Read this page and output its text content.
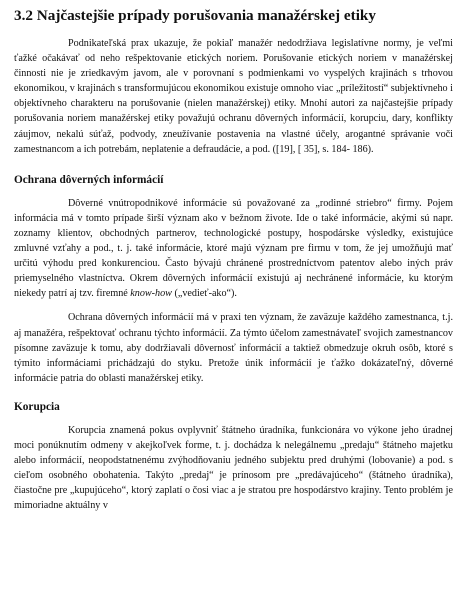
3.2 Najčastejšie prípady porušovania manažérskej etiky

Podnikateľská prax ukazuje, že pokiaľ manažér nedodržiava legislatívne normy, je veľmi ťažké očakávať od neho rešpektovanie etických noriem. Porušovanie etických noriem v manažérskej činnosti nie je zriedkavým javom, ale v porovnaní s podmienkami vo vyspelých krajinách s trhovou ekonomikou, v krajinách s transformujúcou ekonomikou existuje omnoho viac „príležitostí“ subjektívneho i objektívneho charakteru na porušovanie (nielen manažérskej) etiky. Mnohí autori za najčastejšie prípady porušovania noriem manažérskej etiky považujú ochranu dôverných informácií, korupciu, dary, konflikty záujmov, nekalú súťaž, podvody, zneužívanie postavenia na vlastné účely, arogantné správanie voči zamestnancom a ich potrebám, neplatenie a defraudácie, a pod. ([19], [ 35], s. 184- 186).

Ochrana dôverných informácií

Dôverné vnútropodnikové informácie sú považované za „rodinné striebro“ firmy. Pojem informácia má v tomto prípade širší význam ako v bežnom živote. Ide o také informácie, akými sú napr. zoznamy klientov, obchodných partnerov, technologické postupy, hospodárske výsledky, existujúce zmluvné vzťahy a pod., t. j. také informácie, ktoré majú význam pre firmu v tom, že jej umožňujú mať určitú výhodu pred konkurenciou. Často bývajú chránené prostredníctvom patentov alebo iných práv priemyselného vlastníctva. Okrem dôverných informácií existujú aj nechránené informácie, ku ktorým niekedy patrí aj tzv. firemné know-how („vedieť-ako“).

Ochrana dôverných informácií má v praxi ten význam, že zaväzuje každého zamestnanca, t.j. aj manažéra, rešpektovať ochranu týchto informácií. Za týmto účelom zamestnávateľ svojich zamestnancov písomne zaväzuje k tomu, aby dodržiavali dôvernosť informácií a taktiež obmedzuje okruh osôb, ktoré s týmito informáciami prichádzajú do styku. Pretože únik informácií je ťažko dokázateľný, dôverné informácie patria do oblasti manažérskej etiky.

Korupcia

Korupcia znamená pokus ovplyvniť štátneho úradníka, funkcionára vo výkone jeho úradnej moci ponúknutím odmeny v akejkoľvek forme, t. j. dochádza k nelegálnemu „predaju“ štátneho majetku alebo informácií, neopodstatnenému zvýhodňovaniu jedného subjektu pred druhými (lobovanie) a pod. s cieľom osobného obohatenia. Takýto „predaj“ je prínosom pre „predávajúceho“ (štátneho úradníka), čiastočne pre „kupujúceho“, ktorý zaplatí o čosi viac a je stratou pre hospodárstvo krajiny. Tento problém je mimoriadne aktuálny v
